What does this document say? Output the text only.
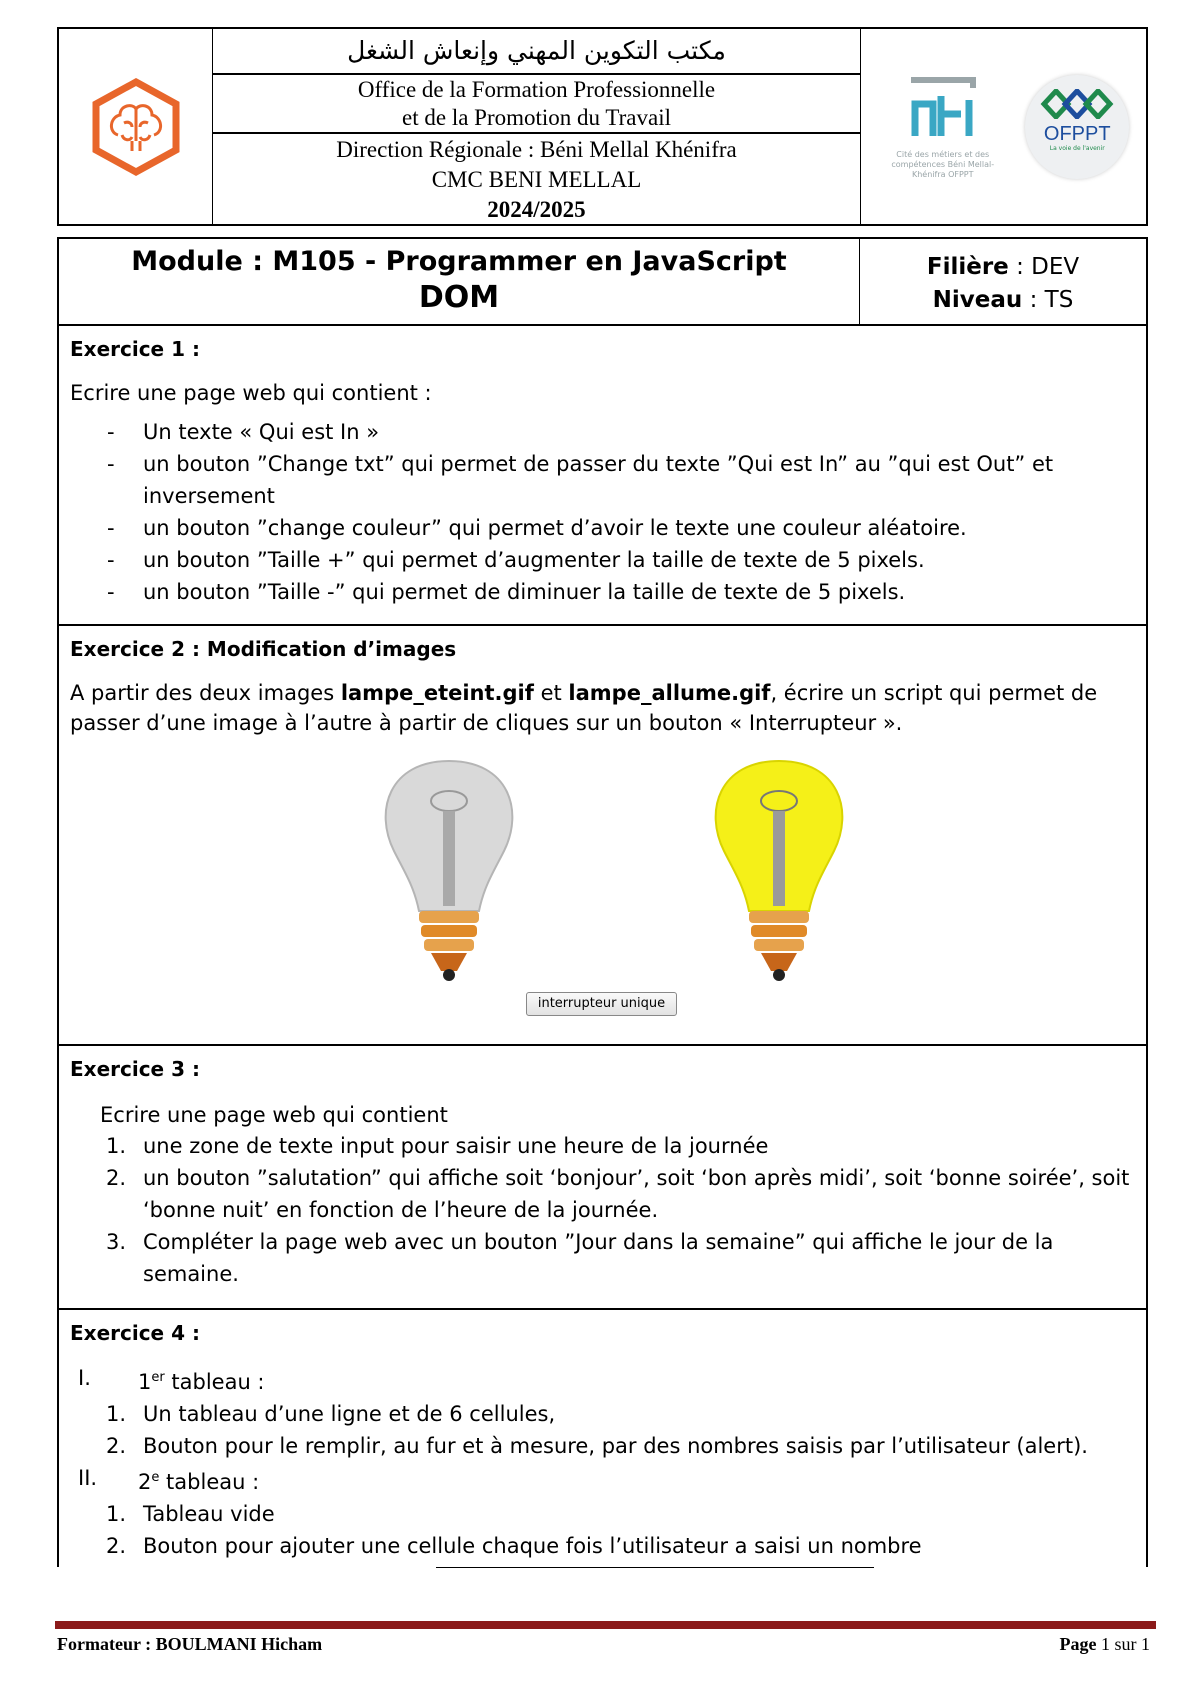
مكتب التكوين المهني وإنعاش الشغل
Office de la Formation Professionnelle
et de la Promotion du Travail
Direction Régionale : Béni Mellal Khénifra
CMC BENI MELLAL
2024/2025
Cité des métiers et des compétences Béni Mellal-Khénifra OFPPT
OFPPT
La voie de l'avenir
Module : M105 - Programmer en JavaScript
DOM
Filière : DEV
Niveau : TS
Exercice 1 :
Ecrire une page web qui contient :
- Un texte « Qui est In »
- un bouton ”Change txt” qui permet de passer du texte ”Qui est In” au ”qui est Out” et inversement
- un bouton ”change couleur” qui permet d’avoir le texte une couleur aléatoire.
- un bouton ”Taille +” qui permet d’augmenter la taille de texte de 5 pixels.
- un bouton ”Taille -” qui permet de diminuer la taille de texte de 5 pixels.
Exercice 2 : Modification d’images
A partir des deux images lampe_eteint.gif et lampe_allume.gif, écrire un script qui permet de passer d’une image à l’autre à partir de cliques sur un bouton « Interrupteur ».
interrupteur unique
Exercice 3 :
Ecrire une page web qui contient
1. une zone de texte input pour saisir une heure de la journée
2. un bouton ”salutation” qui affiche soit ‘bonjour’, soit ‘bon après midi’, soit ‘bonne soirée’, soit ‘bonne nuit’ en fonction de l’heure de la journée.
3. Compléter la page web avec un bouton ”Jour dans la semaine” qui affiche le jour de la semaine.
Exercice 4 :
I. 1er tableau :
1. Un tableau d’une ligne et de 6 cellules,
2. Bouton pour le remplir, au fur et à mesure, par des nombres saisis par l’utilisateur (alert).
II. 2e tableau :
1. Tableau vide
2. Bouton pour ajouter une cellule chaque fois l’utilisateur a saisi un nombre
Formateur : BOULMANI Hicham	Page 1 sur 1
